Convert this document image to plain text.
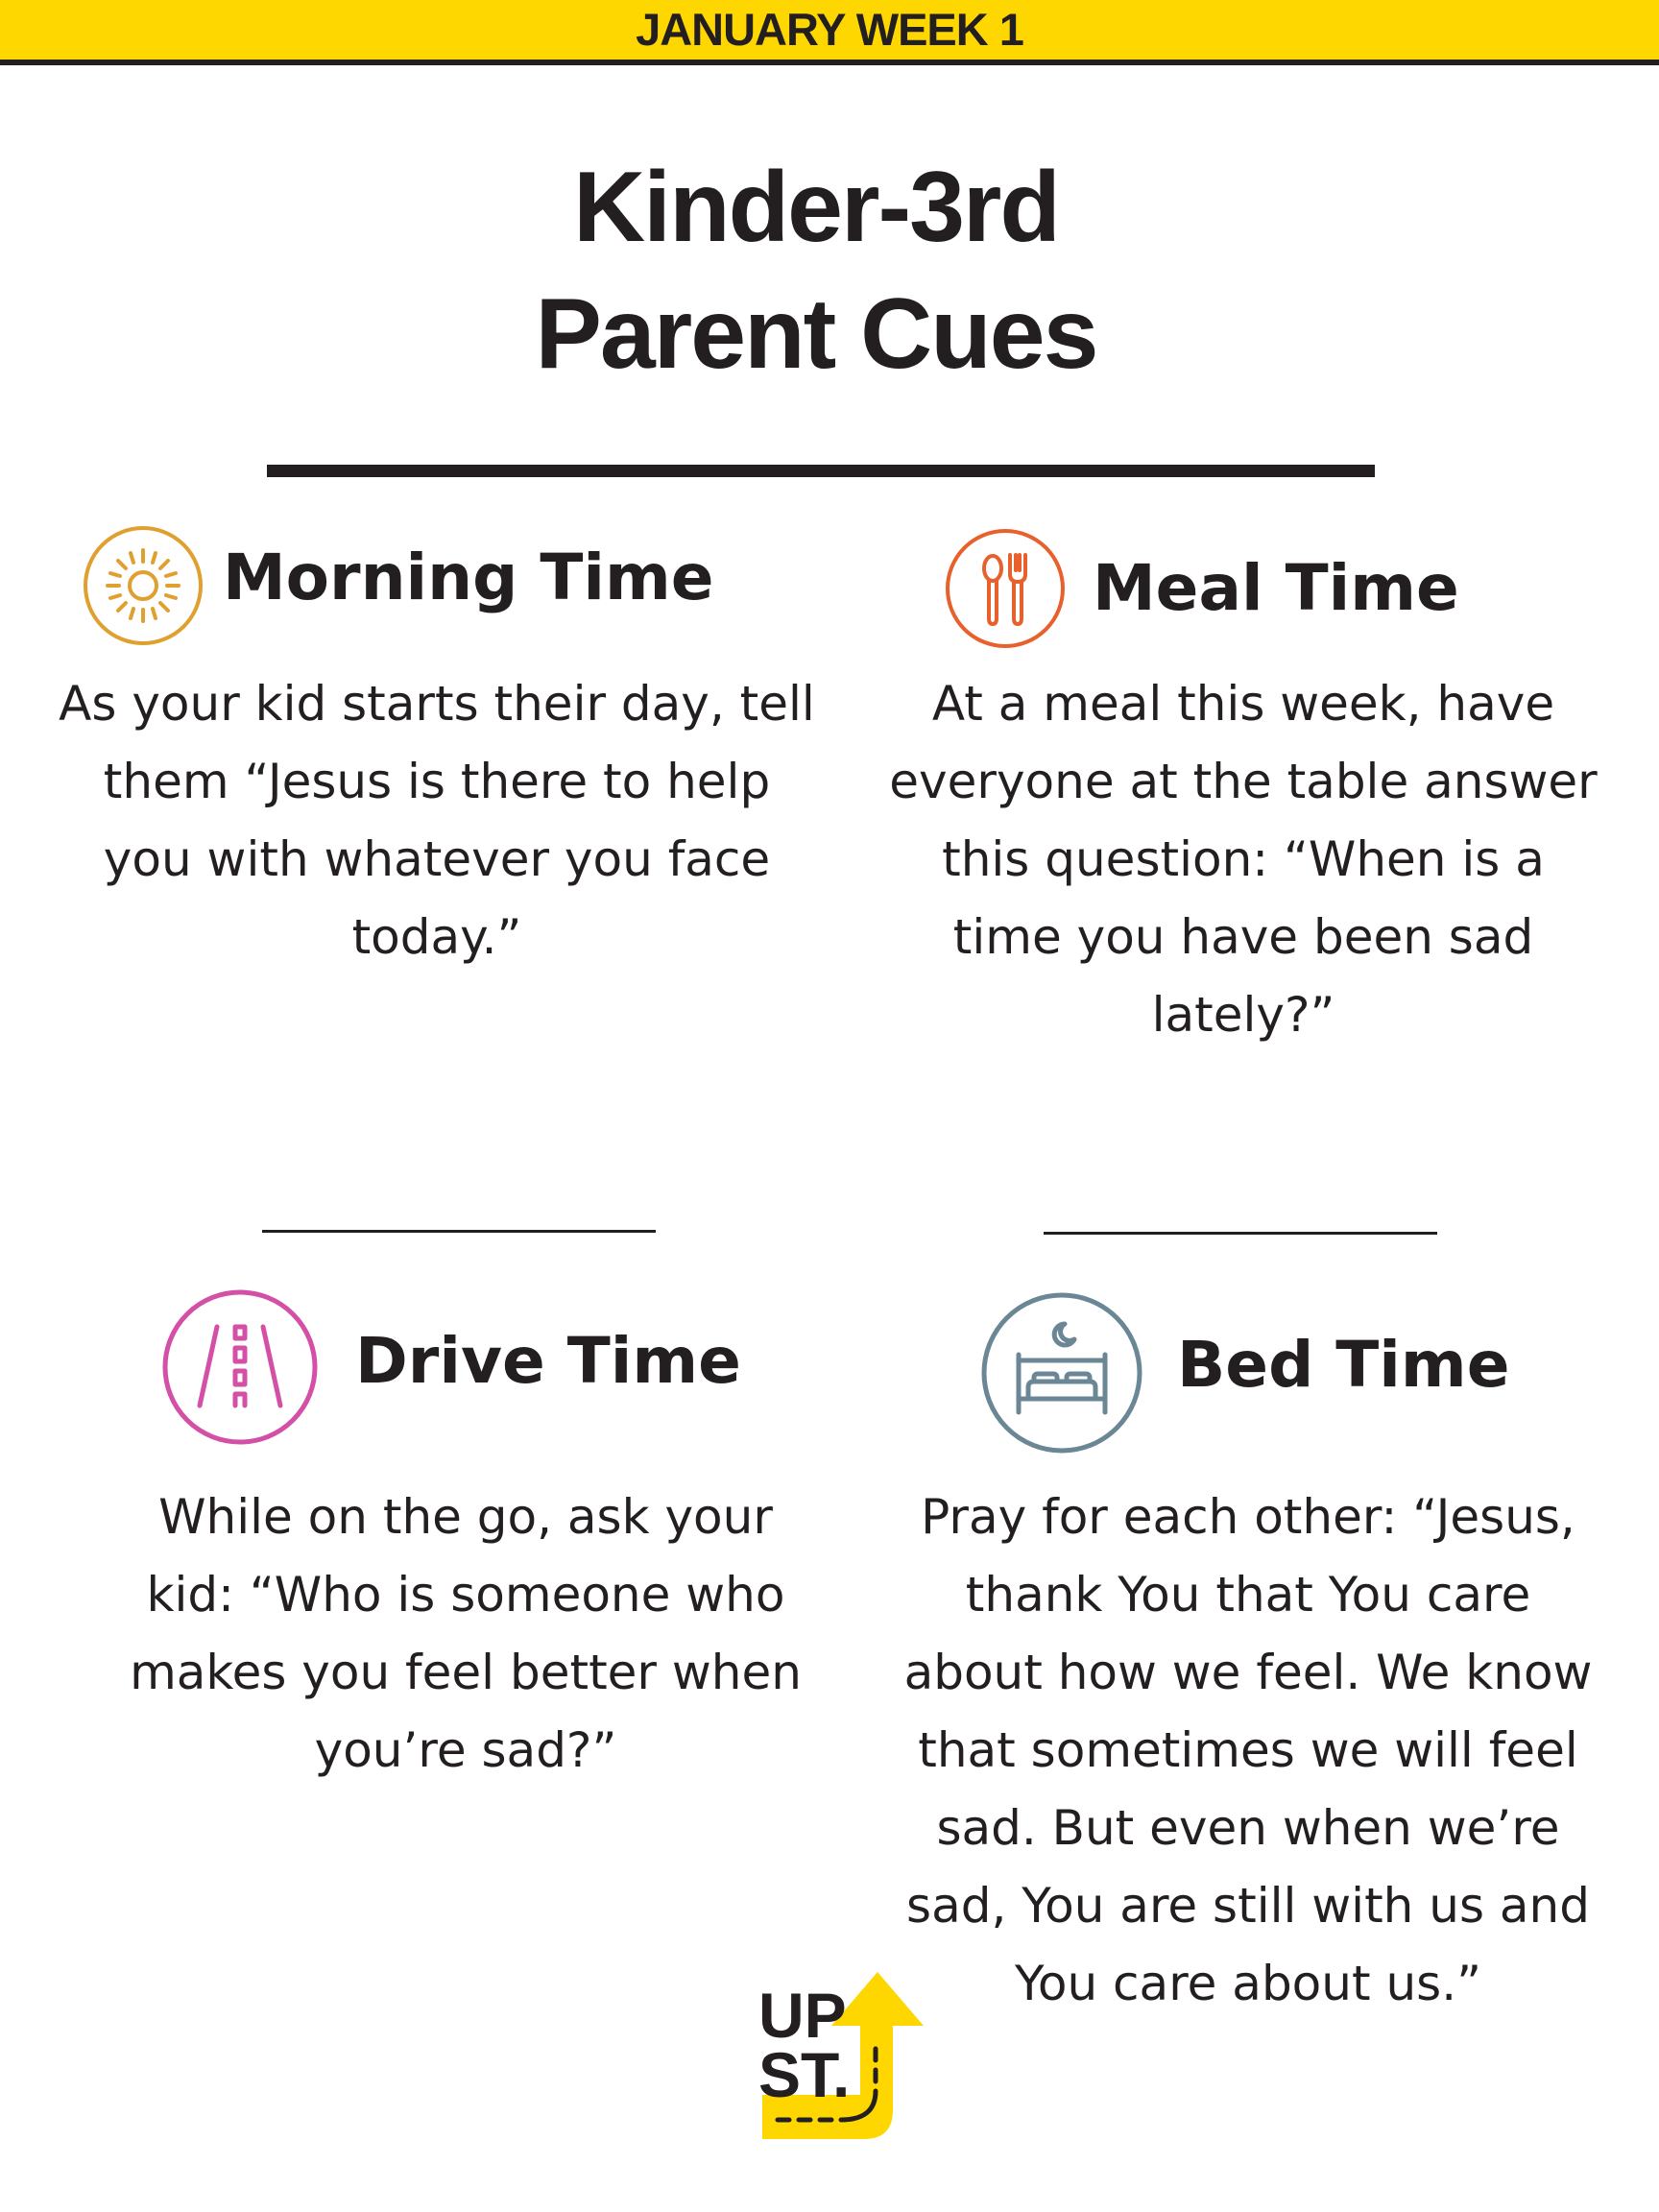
JANUARY WEEK 1
Kinder-3rd
Parent Cues
Morning Time
As your kid starts their day, tell
them “Jesus is there to help
you with whatever you face
today.”
Meal Time
At a meal this week, have
everyone at the table answer
this question: “When is a
time you have been sad
lately?”
Drive Time
While on the go, ask your
kid: “Who is someone who
makes you feel better when
you’re sad?”
Bed Time
Pray for each other: “Jesus,
thank You that You care
about how we feel. We know
that sometimes we will feel
sad. But even when we’re
sad, You are still with us and
You care about us.”
UP
ST.
